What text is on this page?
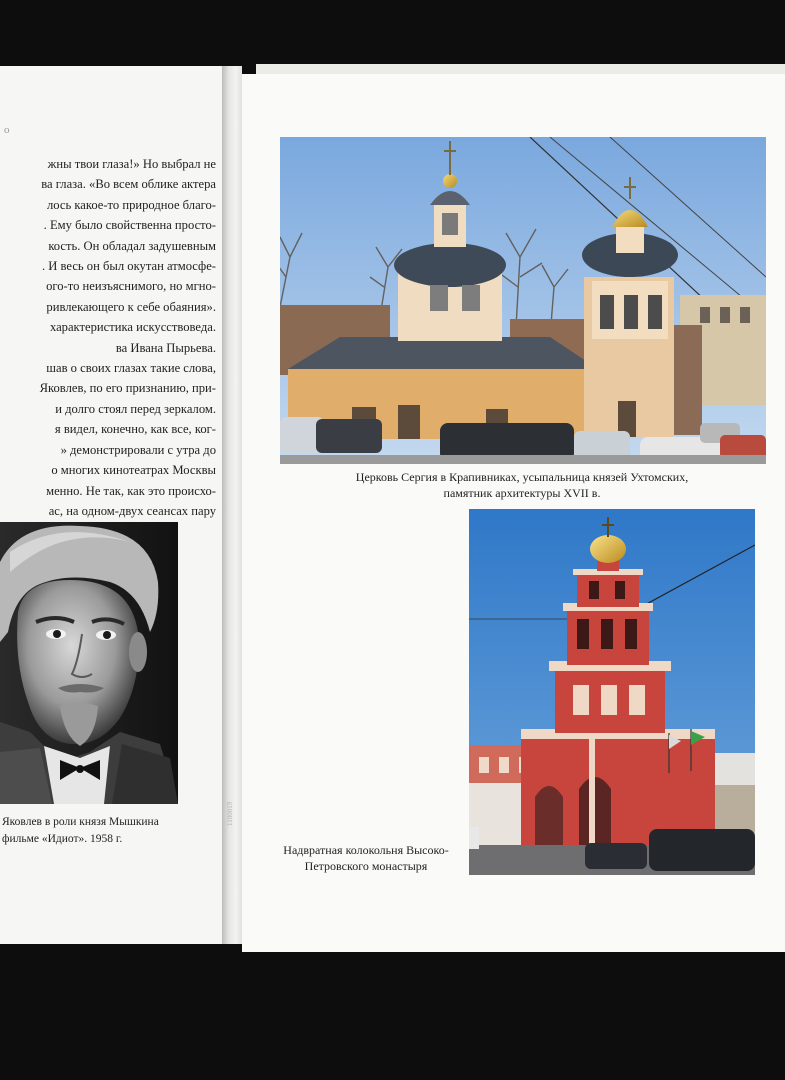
о
жны твои глаза!» Но выбрал не
ва глаза. «Во всем облике актера
лось какое-то природное благо-
. Ему было свойственна просто-
кость. Он обладал задушевным
. И весь он был окутан атмосфе-
ого-то неизъяснимого, но мгно-
ривлекающего к себе обаяния».
характеристика искусствоведа.
ва Ивана Пырьева.
шав о своих глазах такие слова,
Яковлев, по его признанию, при-
и долго стоял перед зеркалом.
я видел, конечно, как все, ког-
» демонстрировали с утра до
о многих кинотеатрах Москвы
менно. Не так, как это происхо-
ас, на одном-двух сеансах пару
Яковлев в роли князя Мышкина
фильме «Идиот». 1958 г.
1100019
Церковь Сергия в Крапивниках, усыпальница князей Ухтомских,
памятник архитектуры XVII в.
Надвратная колокольня Высоко-
Петровского монастыря
